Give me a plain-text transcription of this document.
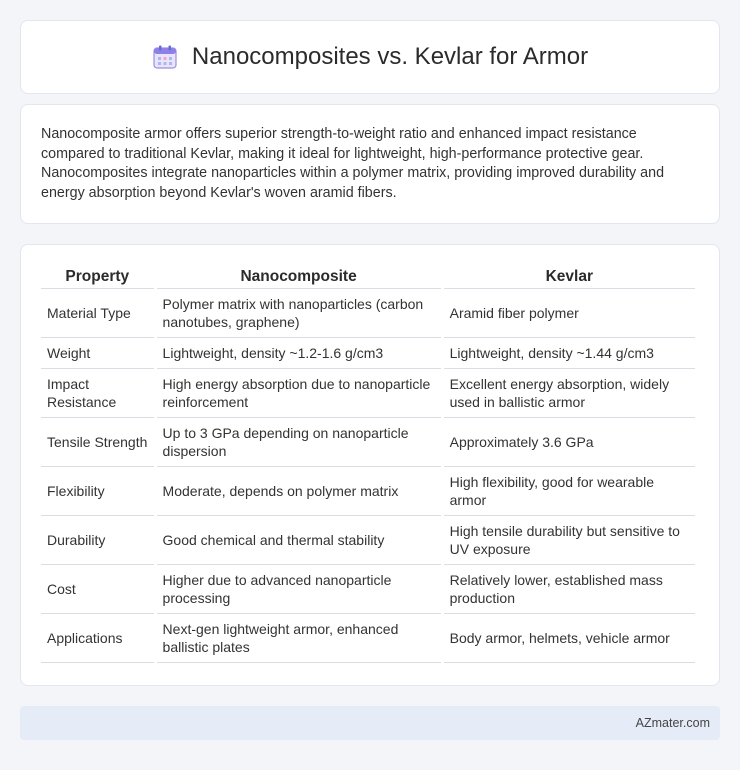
Nanocomposites vs. Kevlar for Armor

Nanocomposite armor offers superior strength-to-weight ratio and enhanced impact resistance compared to traditional Kevlar, making it ideal for lightweight, high-performance protective gear. Nanocomposites integrate nanoparticles within a polymer matrix, providing improved durability and energy absorption beyond Kevlar's woven aramid fibers.

Property	Nanocomposite	Kevlar
Material Type	Polymer matrix with nanoparticles (carbon nanotubes, graphene)	Aramid fiber polymer
Weight	Lightweight, density ~1.2-1.6 g/cm3	Lightweight, density ~1.44 g/cm3
Impact Resistance	High energy absorption due to nanoparticle reinforcement	Excellent energy absorption, widely used in ballistic armor
Tensile Strength	Up to 3 GPa depending on nanoparticle dispersion	Approximately 3.6 GPa
Flexibility	Moderate, depends on polymer matrix	High flexibility, good for wearable armor
Durability	Good chemical and thermal stability	High tensile durability but sensitive to UV exposure
Cost	Higher due to advanced nanoparticle processing	Relatively lower, established mass production
Applications	Next-gen lightweight armor, enhanced ballistic plates	Body armor, helmets, vehicle armor
AZmater.com
